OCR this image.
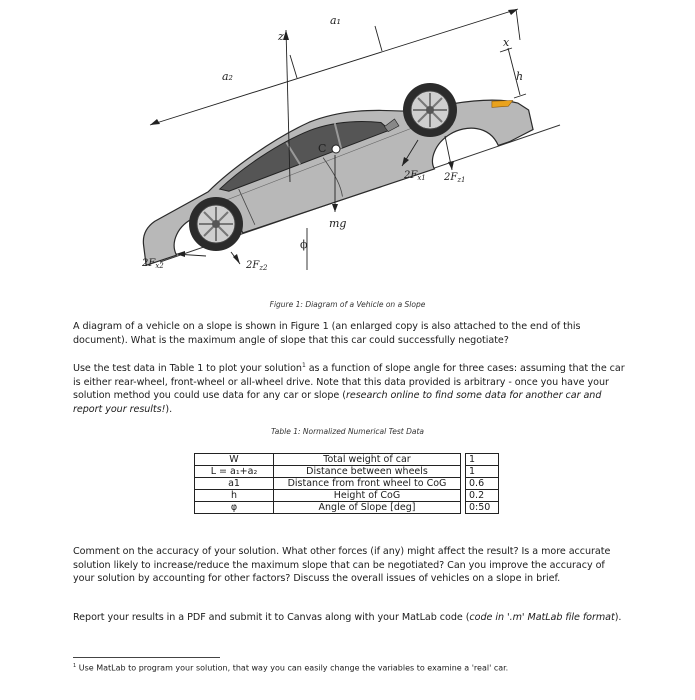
a₁
a₂
z	x
h
C
mg
ϕ
$2F_{x1}$ $2F_{z1}$
$2F_{x2}$	$2F_{z2}$
Figure 1: Diagram of a Vehicle on a Slope

A diagram of a vehicle on a slope is shown in Figure 1 (an enlarged copy is also attached to the end of this document). What is the maximum angle of slope that this car could successfully negotiate?

Use the test data in Table 1 to plot your solution$^1$ as a function of slope angle for three cases: assuming that the car is either rear-wheel, front-wheel or all-wheel drive. Note that this data provided is arbitrary - once you have your solution method you could use data for any car or slope (research online to find some data for another car and report your results!).

Table 1: Normalized Numerical Test Data
W	Total weight of car		1
L = a₁+a₂	Distance between wheels		1
a1	Distance from front wheel to CoG		0.6
h	Height of CoG		0.2
φ	Angle of Slope [deg]		0:50

Comment on the accuracy of your solution. What other forces (if any) might affect the result? Is a more accurate solution likely to increase/reduce the maximum slope that can be negotiated? Can you improve the accuracy of your solution by accounting for other factors? Discuss the overall issues of vehicles on a slope in brief.

Report your results in a PDF and submit it to Canvas along with your MatLab code (code in '.m' MatLab file format).

$^1$ Use MatLab to program your solution, that way you can easily change the variables to examine a 'real' car.
